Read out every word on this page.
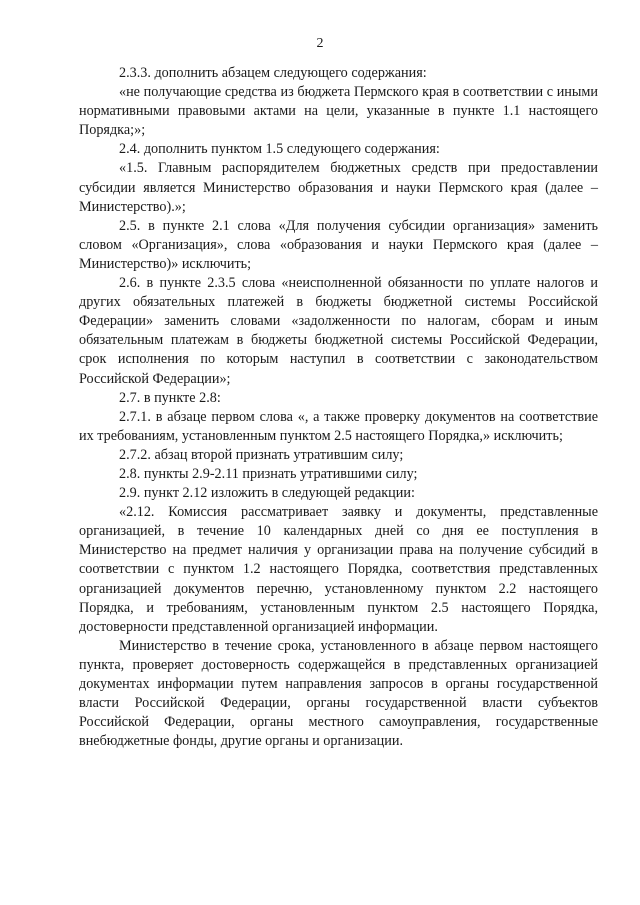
2

2.3.3. дополнить абзацем следующего содержания:

«не получающие средства из бюджета Пермского края в соответствии с иными нормативными правовыми актами на цели, указанные в пункте 1.1 настоящего Порядка;»;

2.4. дополнить пунктом 1.5 следующего содержания:

«1.5. Главным распорядителем бюджетных средств при предоставлении субсидии является Министерство образования и науки Пермского края (далее – Министерство).»;

2.5. в пункте 2.1 слова «Для получения субсидии организация» заменить словом «Организация», слова «образования и науки Пермского края (далее – Министерство)» исключить;

2.6. в пункте 2.3.5 слова «неисполненной обязанности по уплате налогов и других обязательных платежей в бюджеты бюджетной системы Российской Федерации» заменить словами «задолженности по налогам, сборам и иным обязательным платежам в бюджеты бюджетной системы Российской Федерации, срок исполнения по которым наступил в соответствии с законодательством Российской Федерации»;

2.7. в пункте 2.8:

2.7.1. в абзаце первом слова «, а также проверку документов на соответствие их требованиям, установленным пунктом 2.5 настоящего Порядка,» исключить;

2.7.2. абзац второй признать утратившим силу;

2.8. пункты 2.9-2.11 признать утратившими силу;

2.9. пункт 2.12 изложить в следующей редакции:

«2.12. Комиссия рассматривает заявку и документы, представленные организацией, в течение 10 календарных дней со дня ее поступления в Министерство на предмет наличия у организации права на получение субсидий в соответствии с пунктом 1.2 настоящего Порядка, соответствия представленных организацией документов перечню, установленному пунктом 2.2 настоящего Порядка, и требованиям, установленным пунктом 2.5 настоящего Порядка, достоверности представленной организацией информации.

Министерство в течение срока, установленного в абзаце первом настоящего пункта, проверяет достоверность содержащейся в представленных организацией документах информации путем направления запросов в органы государственной власти Российской Федерации, органы государственной власти субъектов Российской Федерации, органы местного самоуправления, государственные внебюджетные фонды, другие органы и организации.
